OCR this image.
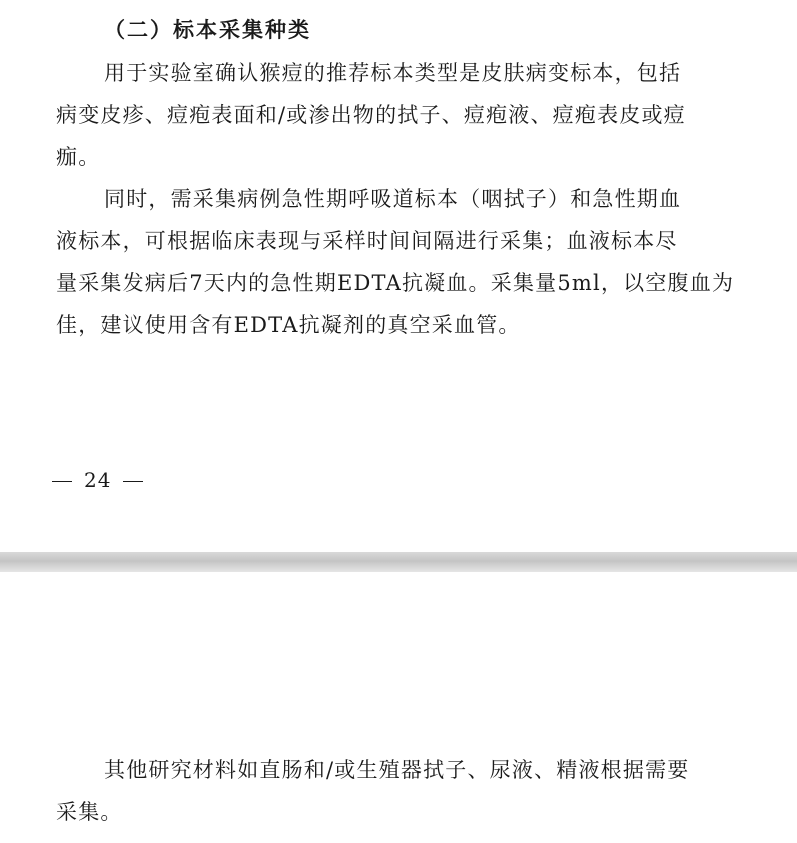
（二）标本采集种类

用于实验室确认猴痘的推荐标本类型是皮肤病变标本，包括
病变皮疹、痘疱表面和/或渗出物的拭子、痘疱液、痘疱表皮或痘
痂。

同时，需采集病例急性期呼吸道标本（咽拭子）和急性期血
液标本，可根据临床表现与采样时间间隔进行采集；血液标本尽
量采集发病后7天内的急性期EDTA抗凝血。采集量5ml，以空腹血为
佳，建议使用含有EDTA抗凝剂的真空采血管。

24

其他研究材料如直肠和/或生殖器拭子、尿液、精液根据需要
采集。
